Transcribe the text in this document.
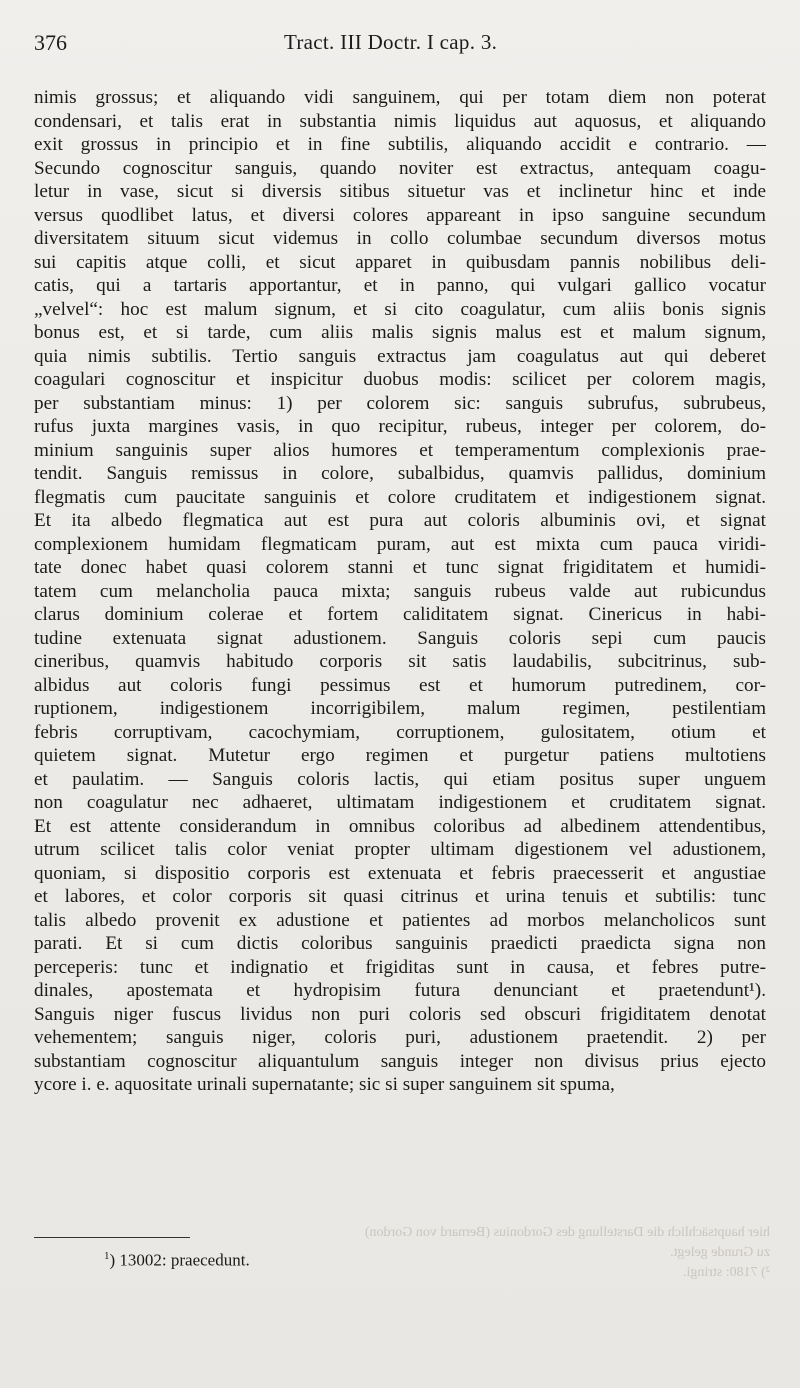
376	Tract. III Doctr. I cap. 3.
nimis grossus; et aliquando vidi sanguinem, qui per totam diem non poterat
condensari, et talis erat in substantia nimis liquidus aut aquosus, et aliquando
exit grossus in principio et in fine subtilis, aliquando accidit e contrario. —
Secundo cognoscitur sanguis, quando noviter est extractus, antequam coagu-
letur in vase, sicut si diversis sitibus situetur vas et inclinetur hinc et inde
versus quodlibet latus, et diversi colores appareant in ipso sanguine secundum
diversitatem situum sicut videmus in collo columbae secundum diversos motus
sui capitis atque colli, et sicut apparet in quibusdam pannis nobilibus deli-
catis, qui a tartaris apportantur, et in panno, qui vulgari gallico vocatur
„velvel“: hoc est malum signum, et si cito coagulatur, cum aliis bonis signis
bonus est, et si tarde, cum aliis malis signis malus est et malum signum,
quia nimis subtilis. Tertio sanguis extractus jam coagulatus aut qui deberet
coagulari cognoscitur et inspicitur duobus modis: scilicet per colorem magis,
per substantiam minus: 1) per colorem sic: sanguis subrufus, subrubeus,
rufus juxta margines vasis, in quo recipitur, rubeus, integer per colorem, do-
minium sanguinis super alios humores et temperamentum complexionis prae-
tendit. Sanguis remissus in colore, subalbidus, quamvis pallidus, dominium
flegmatis cum paucitate sanguinis et colore cruditatem et indigestionem signat.
Et ita albedo flegmatica aut est pura aut coloris albuminis ovi, et signat
complexionem humidam flegmaticam puram, aut est mixta cum pauca viridi-
tate donec habet quasi colorem stanni et tunc signat frigiditatem et humidi-
tatem cum melancholia pauca mixta; sanguis rubeus valde aut rubicundus
clarus dominium colerae et fortem caliditatem signat. Cinericus in habi-
tudine extenuata signat adustionem. Sanguis coloris sepi cum paucis
cineribus, quamvis habitudo corporis sit satis laudabilis, subcitrinus, sub-
albidus aut coloris fungi pessimus est et humorum putredinem, cor-
ruptionem, indigestionem incorrigibilem, malum regimen, pestilentiam
febris corruptivam, cacochymiam, corruptionem, gulositatem, otium et
quietem signat. Mutetur ergo regimen et purgetur patiens multotiens
et paulatim. — Sanguis coloris lactis, qui etiam positus super unguem
non coagulatur nec adhaeret, ultimatam indigestionem et cruditatem signat.
Et est attente considerandum in omnibus coloribus ad albedinem attendentibus,
utrum scilicet talis color veniat propter ultimam digestionem vel adustionem,
quoniam, si dispositio corporis est extenuata et febris praecesserit et angustiae
et labores, et color corporis sit quasi citrinus et urina tenuis et subtilis: tunc
talis albedo provenit ex adustione et patientes ad morbos melancholicos sunt
parati. Et si cum dictis coloribus sanguinis praedicti praedicta signa non
perceperis: tunc et indignatio et frigiditas sunt in causa, et febres putre-
dinales, apostemata et hydropisim futura denunciant et praetendunt¹).
Sanguis niger fuscus lividus non puri coloris sed obscuri frigiditatem denotat
vehementem; sanguis niger, coloris puri, adustionem praetendit. 2) per
substantiam cognoscitur aliquantulum sanguis integer non divisus prius ejecto
ycore i. e. aquositate urinali supernatante; sic si super sanguinem sit spuma,
$^1$) 13002: praecedunt.
hier hauptsächlich die Darstellung des Gordonius (Bernard von Gordon)
zu Grunde gelegt.
²) 7180: stringi.
